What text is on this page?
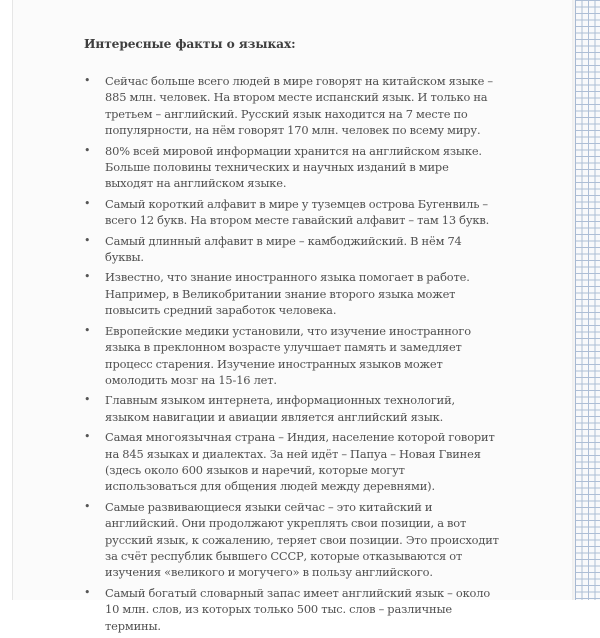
Интересные факты о языках:
• Сейчас больше всего людей в мире говорят на китайском языке – 885 млн. человек. На втором месте испанский язык. И только на третьем – английский. Русский язык находится на 7 месте по популярности, на нём говорят 170 млн. человек по всему миру.
• 80% всей мировой информации хранится на английском языке. Больше половины технических и научных изданий в мире выходят на английском языке.
• Самый короткий алфавит в мире у туземцев острова Бугенвиль – всего 12 букв. На втором месте гавайский алфавит – там 13 букв.
• Самый длинный алфавит в мире – камбоджийский. В нём 74 буквы.
• Известно, что знание иностранного языка помогает в работе. Например, в Великобритании знание второго языка может повысить средний заработок человека.
• Европейские медики установили, что изучение иностранного языка в преклонном возрасте улучшает память и замедляет процесс старения. Изучение иностранных языков может омолодить мозг на 15-16 лет.
• Главным языком интернета, информационных технологий, языком навигации и авиации является английский язык.
• Самая многоязычная страна – Индия, население которой говорит на 845 языках и диалектах. За ней идёт – Папуа – Новая Гвинея (здесь около 600 языков и наречий, которые могут использоваться для общения людей между деревнями).
• Самые развивающиеся языки сейчас – это китайский и английский. Они продолжают укреплять свои позиции, а вот русский язык, к сожалению, теряет свои позиции. Это происходит за счёт республик бывшего СССР, которые отказываются от изучения «великого и могучего» в пользу английского.
• Самый богатый словарный запас имеет английский язык – около 10 млн. слов, из которых только 500 тыс. слов – различные термины.
